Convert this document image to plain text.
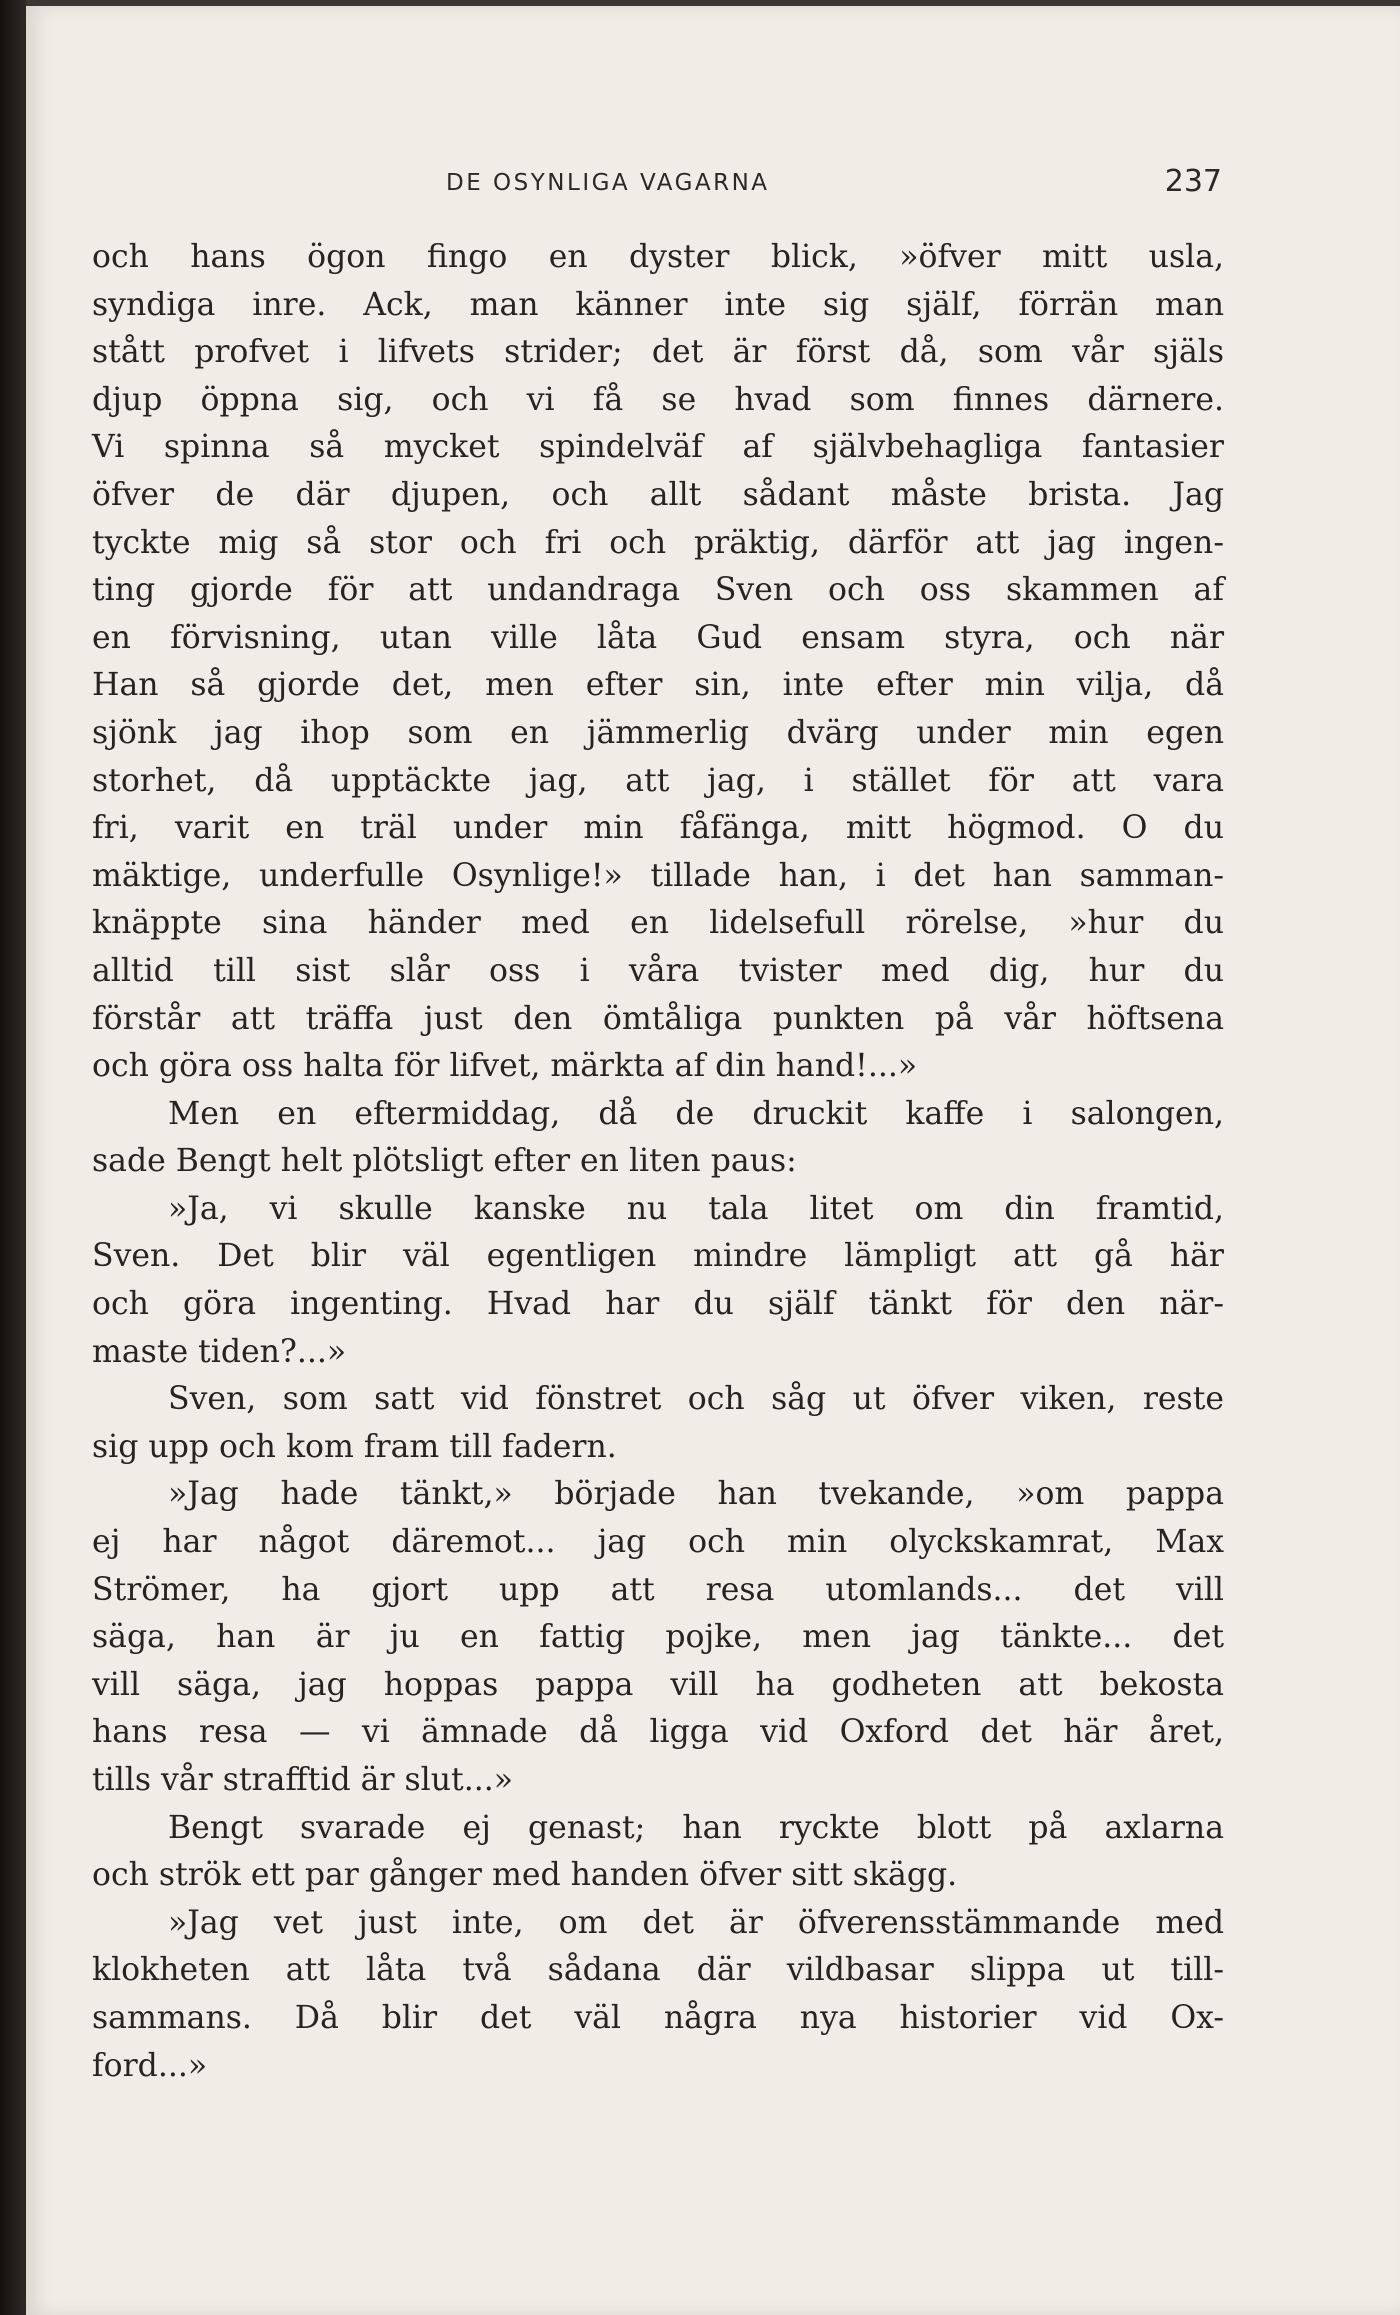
DE OSYNLIGA VAGARNA	237
och hans ögon fingo en dyster blick, »öfver mitt usla,
syndiga inre. Ack, man känner inte sig själf, förrän man
stått profvet i lifvets strider; det är först då, som vår själs
djup öppna sig, och vi få se hvad som finnes därnere.
Vi spinna så mycket spindelväf af självbehagliga fantasier
öfver de där djupen, och allt sådant måste brista. Jag
tyckte mig så stor och fri och präktig, därför att jag ingen-
ting gjorde för att undandraga Sven och oss skammen af
en förvisning, utan ville låta Gud ensam styra, och när
Han så gjorde det, men efter sin, inte efter min vilja, då
sjönk jag ihop som en jämmerlig dvärg under min egen
storhet, då upptäckte jag, att jag, i stället för att vara
fri, varit en träl under min fåfänga, mitt högmod. O du
mäktige, underfulle Osynlige!» tillade han, i det han samman-
knäppte sina händer med en lidelsefull rörelse, »hur du
alltid till sist slår oss i våra tvister med dig, hur du
förstår att träffa just den ömtåliga punkten på vår höftsena
och göra oss halta för lifvet, märkta af din hand!...»
Men en eftermiddag, då de druckit kaffe i salongen,
sade Bengt helt plötsligt efter en liten paus:
»Ja, vi skulle kanske nu tala litet om din framtid,
Sven. Det blir väl egentligen mindre lämpligt att gå här
och göra ingenting. Hvad har du själf tänkt för den när-
maste tiden?...»
Sven, som satt vid fönstret och såg ut öfver viken, reste
sig upp och kom fram till fadern.
»Jag hade tänkt,» började han tvekande, »om pappa
ej har något däremot... jag och min olyckskamrat, Max
Strömer, ha gjort upp att resa utomlands... det vill
säga, han är ju en fattig pojke, men jag tänkte... det
vill säga, jag hoppas pappa vill ha godheten att bekosta
hans resa — vi ämnade då ligga vid Oxford det här året,
tills vår strafftid är slut...»
Bengt svarade ej genast; han ryckte blott på axlarna
och strök ett par gånger med handen öfver sitt skägg.
»Jag vet just inte, om det är öfverensstämmande med
klokheten att låta två sådana där vildbasar slippa ut till-
sammans. Då blir det väl några nya historier vid Ox-
ford...»
